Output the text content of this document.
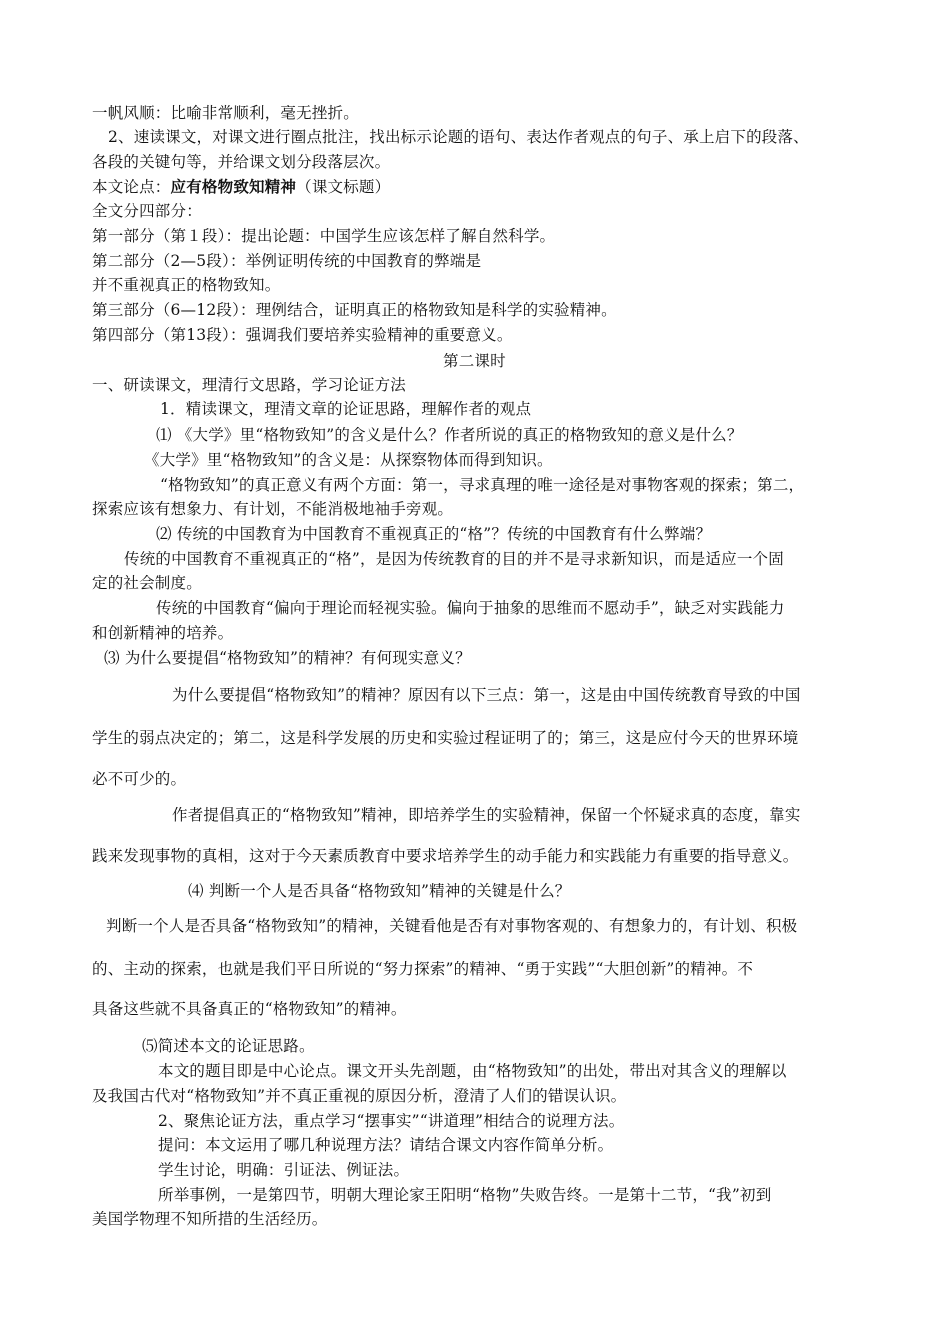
一帆风顺：比喻非常顺利，毫无挫折。
2、速读课文，对课文进行圈点批注，找出标示论题的语句、表达作者观点的句子、承上启下的段落、
各段的关键句等，并给课文划分段落层次。
本文论点：应有格物致知精神（课文标题）
全文分四部分：
第一部分（第１段）：提出论题：中国学生应该怎样了解自然科学。
第二部分（2—5段）：举例证明传统的中国教育的弊端是
并不重视真正的格物致知。
第三部分（6—12段）：理例结合，证明真正的格物致知是科学的实验精神。
第四部分（第13段）：强调我们要培养实验精神的重要意义。
第二课时
一、研读课文，理清行文思路，学习论证方法
1．精读课文，理清文章的论证思路，理解作者的观点
⑴ 《大学》里“格物致知”的含义是什么？作者所说的真正的格物致知的意义是什么？
《大学》里“格物致知”的含义是：从探察物体而得到知识。
“格物致知”的真正意义有两个方面：第一，寻求真理的唯一途径是对事物客观的探索；第二，
探索应该有想象力、有计划，不能消极地袖手旁观。
⑵ 传统的中国教育为中国教育不重视真正的“格”？传统的中国教育有什么弊端？
传统的中国教育不重视真正的“格”，是因为传统教育的目的并不是寻求新知识，而是适应一个固
定的社会制度。
传统的中国教育“偏向于理论而轻视实验。偏向于抽象的思维而不愿动手”，缺乏对实践能力
和创新精神的培养。
⑶ 为什么要提倡“格物致知”的精神？有何现实意义？
为什么要提倡“格物致知”的精神？原因有以下三点：第一，这是由中国传统教育导致的中国
学生的弱点决定的；第二，这是科学发展的历史和实验过程证明了的；第三，这是应付今天的世界环境
必不可少的。
作者提倡真正的“格物致知”精神，即培养学生的实验精神，保留一个怀疑求真的态度，靠实
践来发现事物的真相，这对于今天素质教育中要求培养学生的动手能力和实践能力有重要的指导意义。
⑷ 判断一个人是否具备“格物致知”精神的关键是什么？
判断一个人是否具备“格物致知”的精神，关键看他是否有对事物客观的、有想象力的，有计划、积极
的、主动的探索，也就是我们平日所说的“努力探索”的精神、“勇于实践”“大胆创新”的精神。不
具备这些就不具备真正的“格物致知”的精神。
⑸简述本文的论证思路。
本文的题目即是中心论点。课文开头先剖题，由“格物致知”的出处，带出对其含义的理解以
及我国古代对“格物致知”并不真正重视的原因分析，澄清了人们的错误认识。
2、聚焦论证方法，重点学习“摆事实”“讲道理”相结合的说理方法。
提问：本文运用了哪几种说理方法？请结合课文内容作简单分析。
学生讨论，明确：引证法、例证法。
所举事例，一是第四节，明朝大理论家王阳明“格物”失败告终。一是第十二节，“我”初到
美国学物理不知所措的生活经历。
